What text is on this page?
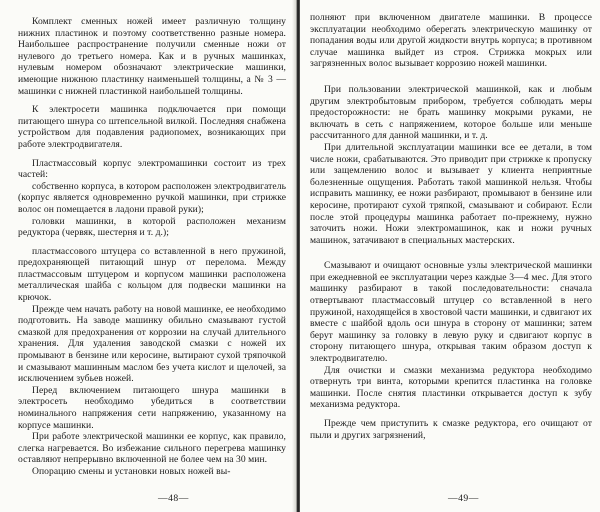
Комплект сменных ножей имеет различную толщину нижних пластинок и поэтому соответственно разные номера. Наибольшее распространение получили сменные ножи от нулевого до третьего номера. Как и в ручных машинках, нулевым номером обозначают электрические машинки, имеющие нижнюю пластинку наименьшей толщины, а № 3 — машинки с нижней пластинкой наибольшей толщины.

К электросети машинка подключается при помощи питающего шнура со штепсельной вилкой. Последняя снабжена устройством для подавления радиопомех, возникающих при работе электродвигателя.

Пластмассовый корпус электромашинки состоит из трех частей:

собственно корпуса, в котором расположен электродвигатель (корпус является одновременно ручкой машинки, при стрижке волос он помещается в ладони правой руки);

головки машинки, в которой расположен механизм редуктора (червяк, шестерня и т. д.);

пластмассового штуцера со вставленной в него пружиной, предохраняющей питающий шнур от перелома. Между пластмассовым штуцером и корпусом машинки расположена металлическая шайба с кольцом для подвески машинки на крючок.

Прежде чем начать работу на новой машинке, ее необходимо подготовить. На заводе машинку обильно смазывают густой смазкой для предохранения от коррозии на случай длительного хранения. Для удаления заводской смазки с ножей их промывают в бензине или керосине, вытирают сухой тряпочкой и смазывают машинным маслом без учета кислот и щелочей, за исключением зубьев ножей.

Перед включением питающего шнура машинки в электросеть необходимо убедиться в соответствии номинального напряжения сети напряжению, указанному на корпусе машинки.

При работе электрической машинки ее корпус, как правило, слегка нагревается. Во избежание сильного перегрева машинку оставляют непрерывно включенной не более чем на 30 мин.

Опорацию смены и установки новых ножей вы-

— 48 —

полняют при включенном двигателе машинки. В процессе эксплуатации необходимо оберегать электрическую машинку от попадания воды или другой жидкости внутрь корпуса; в противном случае машинка выйдет из строя. Стрижка мокрых или загрязненных волос вызывает коррозию ножей машинки.

При пользовании электрической машинкой, как и любым другим электробытовым прибором, требуется соблюдать меры предосторожности: не брать машинку мокрыми руками, не включать в сеть с напряжением, которое больше или меньше рассчитанного для данной машинки, и т. д.

При длительной эксплуатации машинки все ее детали, в том числе ножи, срабатываются. Это приводит при стрижке к пропуску или защемлению волос и вызывает у клиента неприятные болезненные ощущения. Работать такой машинкой нельзя. Чтобы исправить машинку, ее ножи разбирают, промывают в бензине или керосине, протирают сухой тряпкой, смазывают и собирают. Если после этой процедуры машинка работает по-прежнему, нужно заточить ножи. Ножи электромашинок, как и ножи ручных машинок, затачивают в специальных мастерских.

Смазывают и очищают основные узлы электрической машинки при ежедневной ее эксплуатации через каждые 3—4 мес. Для этого машинку разбирают в такой последовательности: сначала отвертывают пластмассовый штуцер со вставленной в него пружиной, находящейся в хвостовой части машинки, и сдвигают их вместе с шайбой вдоль оси шнура в сторону от машинки; затем берут машинку за головку в левую руку и сдвигают корпус в сторону питающего шнура, открывая таким образом доступ к электродвигателю.

Для очистки и смазки механизма редуктора необходимо отвернуть три винта, которыми крепится пластинка на головке машинки. После снятия пластинки открывается доступ к зубу механизма редуктора.

Прежде чем приступить к смазке редуктора, его очищают от пыли и других загрязнений,

— 49 —
